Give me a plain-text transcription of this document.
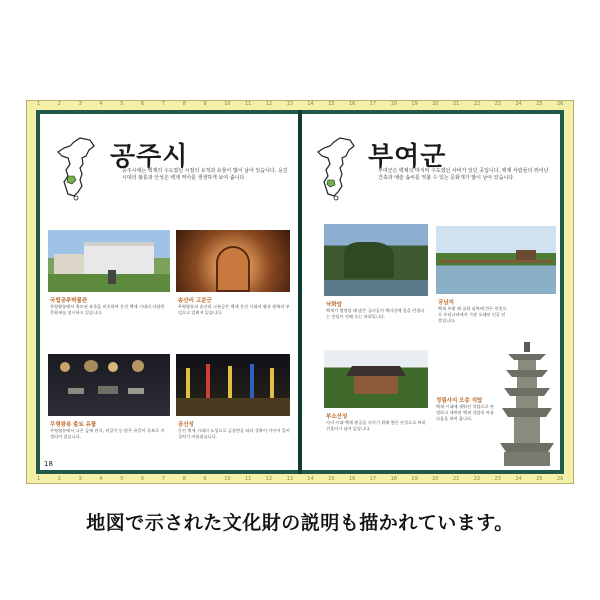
1
1
2
2
3
3
4
4
5
5
6
6
7
7
8
8
9
9
10
10
11
11
12
12
13
13
14
14
15
15
16
16
17
17
18
18
19
19
20
20
21
21
22
22
23
23
24
24
25
25
26
26
공주시
공주시에는 백제의 수도였던 시절의 유적과 유물이 많이 남아 있습니다. 웅진 시대의 왕릉과 산성은 백제 역사를 생생하게 보여 줍니다.
국립공주박물관
무령왕릉에서 출토된 유물을 비롯하여 웅진 백제 시대의 다양한 문화재를 전시하고 있습니다.
송산리 고분군
무령왕릉과 송산리 고분군은 백제 웅진 시대의 왕과 왕족의 무덤으로 알려져 있습니다.
무령왕릉 출토 유물
무령왕릉에서 나온 금제 관식, 귀걸이 등 많은 유물이 국보로 지정되어 있습니다.
공산성
웅진 백제 시대의 도성으로 금강변을 따라 성곽이 이어져 있어 경치가 아름답습니다.
18
부여군
부여군은 백제의 마지막 수도였던 사비가 있던 곳입니다. 백제 사람들의 뛰어난 건축과 예술 솜씨를 엿볼 수 있는 문화재가 많이 남아 있습니다.
낙화암
백제가 멸망할 때 많은 궁녀들이 백마강에 몸을 던졌다는 전설이 전해 오는 바위입니다.
궁남지
백제 무왕 때 궁궐 남쪽에 만든 연못으로 우리나라에서 가장 오래된 인공 연못입니다.
부소산성
사비 시대 백제 왕궁을 지키기 위해 쌓은 산성으로 여러 건물터가 남아 있습니다.
정림사지 오층 석탑
백제 시대에 세워진 석탑으로 단정하고 세련된 백제 석탑의 아름다움을 보여 줍니다.
地図で示された文化財の説明も描かれています。
